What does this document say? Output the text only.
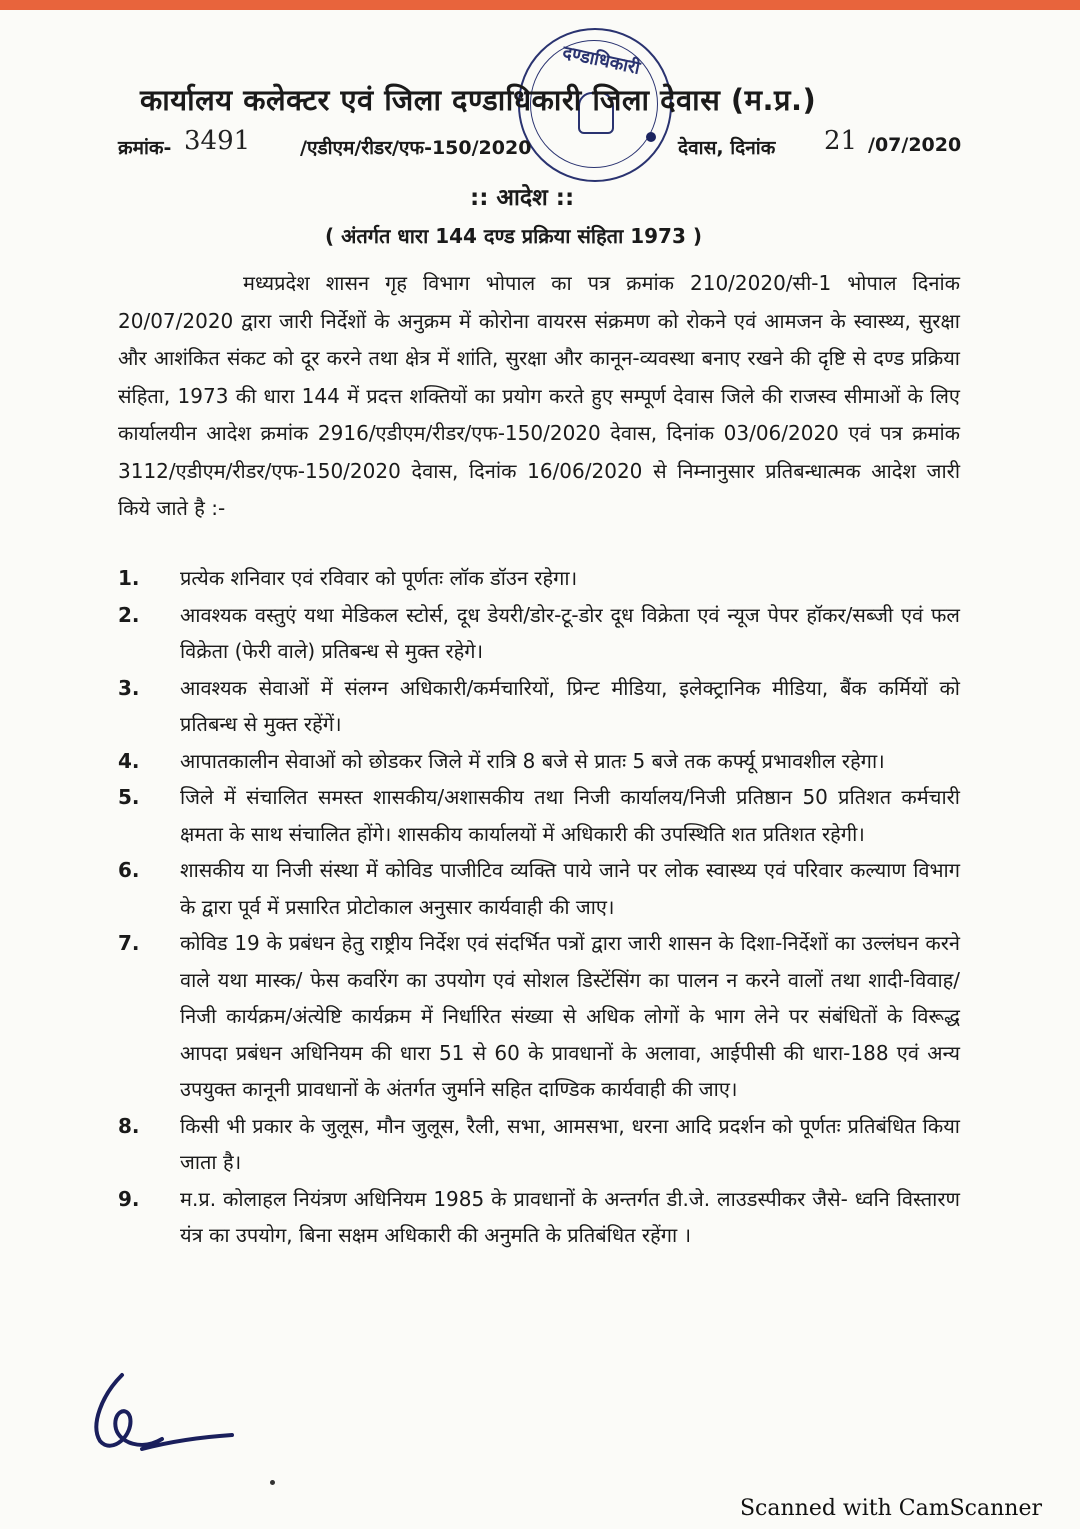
दण्डाधिकारी
कार्यालय कलेक्टर एवं जिला दण्डाधिकारी जिला देवास (म.प्र.)
क्रमांक- 3491	/एडीएम/रीडर/एफ-150/2020	देवास, दिनांक 21 /07/2020
:: आदेश ::
( अंतर्गत धारा 144 दण्ड प्रक्रिया संहिता 1973 )
मध्यप्रदेश शासन गृह विभाग भोपाल का पत्र क्रमांक 210/2020/सी-1 भोपाल दिनांक 20/07/2020 द्वारा जारी निर्देशों के अनुक्रम में कोरोना वायरस संक्रमण को रोकने एवं आमजन के स्वास्थ्य, सुरक्षा और आशंकित संकट को दूर करने तथा क्षेत्र में शांति, सुरक्षा और कानून-व्यवस्था बनाए रखने की दृष्टि से दण्ड प्रक्रिया संहिता, 1973 की धारा 144 में प्रदत्त शक्तियों का प्रयोग करते हुए सम्पूर्ण देवास जिले की राजस्व सीमाओं के लिए कार्यालयीन आदेश क्रमांक 2916/एडीएम/रीडर/एफ-150/2020 देवास, दिनांक 03/06/2020 एवं पत्र क्रमांक 3112/एडीएम/रीडर/एफ-150/2020 देवास, दिनांक 16/06/2020 से निम्नानुसार प्रतिबन्धात्मक आदेश जारी किये जाते है :-
1.	प्रत्येक शनिवार एवं रविवार को पूर्णतः लॉक डॉउन रहेगा।
2.	आवश्यक वस्तुएं यथा मेडिकल स्टोर्स, दूध डेयरी/डोर-टू-डोर दूध विक्रेता एवं न्यूज पेपर हॉकर/सब्जी एवं फल विक्रेता (फेरी वाले) प्रतिबन्ध से मुक्त रहेगे।
3.	आवश्यक सेवाओं में संलग्न अधिकारी/कर्मचारियों, प्रिन्ट मीडिया, इलेक्ट्रानिक मीडिया, बैंक कर्मियों को प्रतिबन्ध से मुक्त रहेंगें।
4.	आपातकालीन सेवाओं को छोडकर जिले में रात्रि 8 बजे से प्रातः 5 बजे तक कर्फ्यू प्रभावशील रहेगा।
5.	जिले में संचालित समस्त शासकीय/अशासकीय तथा निजी कार्यालय/निजी प्रतिष्ठान 50 प्रतिशत कर्मचारी क्षमता के साथ संचालित होंगे। शासकीय कार्यालयों में अधिकारी की उपस्थिति शत प्रतिशत रहेगी।
6.	शासकीय या निजी संस्था में कोविड पाजीटिव व्यक्ति पाये जाने पर लोक स्वास्थ्य एवं परिवार कल्याण विभाग के द्वारा पूर्व में प्रसारित प्रोटोकाल अनुसार कार्यवाही की जाए।
7.	कोविड 19 के प्रबंधन हेतु राष्ट्रीय निर्देश एवं संदर्भित पत्रों द्वारा जारी शासन के दिशा-निर्देशों का उल्लंघन करने वाले यथा मास्क/ फेस कवरिंग का उपयोग एवं सोशल डिस्टेंसिंग का पालन न करने वालों तथा शादी-विवाह/निजी कार्यक्रम/अंत्येष्टि कार्यक्रम में निर्धारित संख्या से अधिक लोगों के भाग लेने पर संबंधितों के विरूद्ध आपदा प्रबंधन अधिनियम की धारा 51 से 60 के प्रावधानों के अलावा, आईपीसी की धारा-188 एवं अन्य उपयुक्त कानूनी प्रावधानों के अंतर्गत जुर्माने सहित दाण्डिक कार्यवाही की जाए।
8.	किसी भी प्रकार के जुलूस, मौन जुलूस, रैली, सभा, आमसभा, धरना आदि प्रदर्शन को पूर्णतः प्रतिबंधित किया जाता है।
9.	म.प्र. कोलाहल नियंत्रण अधिनियम 1985 के प्रावधानों के अन्तर्गत डी.जे. लाउडस्पीकर जैसे- ध्वनि विस्तारण यंत्र का उपयोग, बिना सक्षम अधिकारी की अनुमति के प्रतिबंधित रहेंगा ।
Scanned with CamScanner
